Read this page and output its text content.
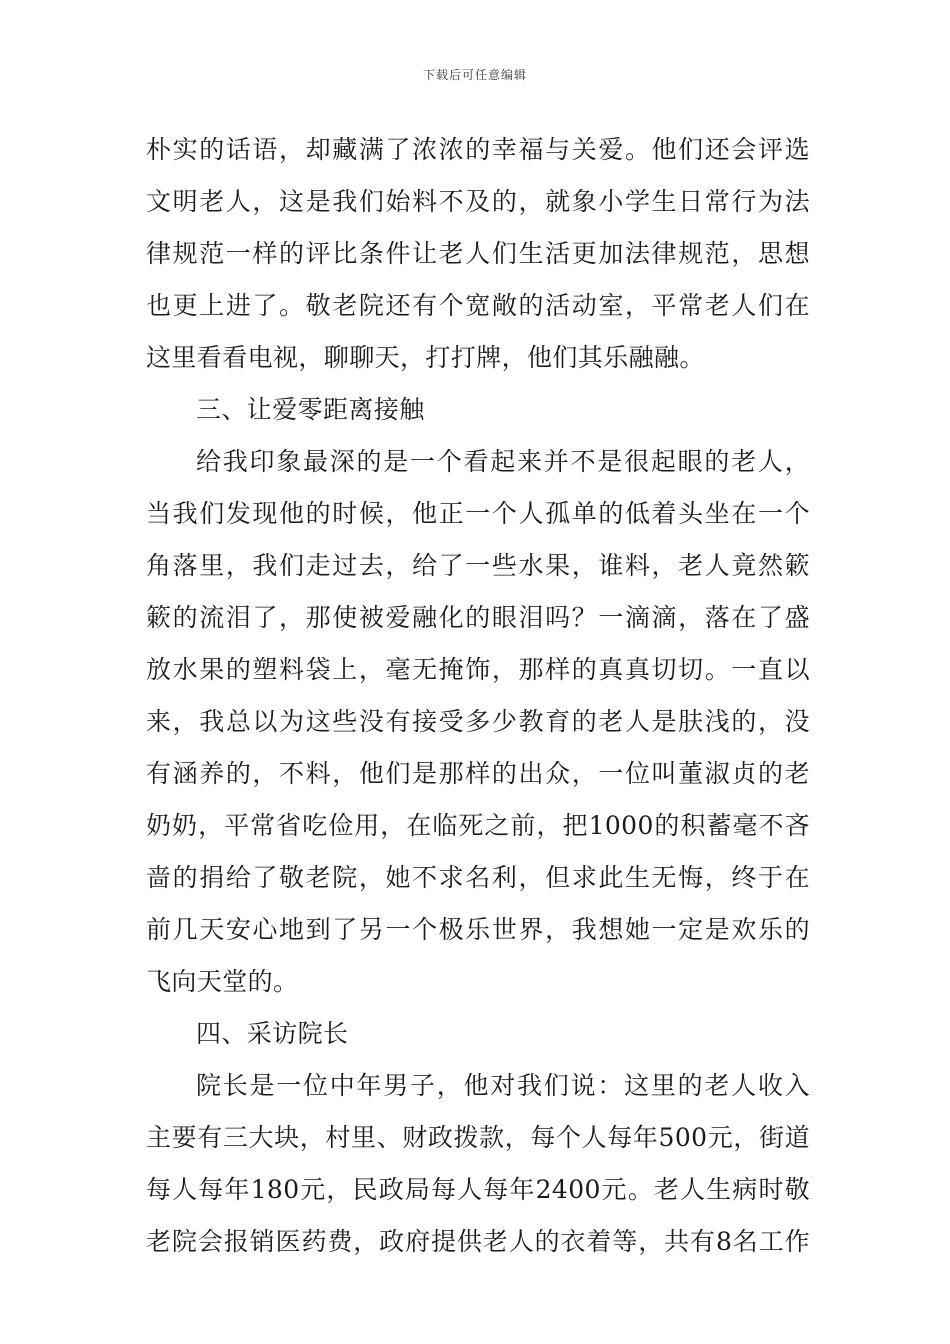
下载后可任意编辑
朴实的话语，却藏满了浓浓的幸福与关爱。他们还会评选
文明老人，这是我们始料不及的，就象小学生日常行为法
律规范一样的评比条件让老人们生活更加法律规范，思想
也更上进了。敬老院还有个宽敞的活动室，平常老人们在
这里看看电视，聊聊天，打打牌，他们其乐融融。
三、让爱零距离接触
给我印象最深的是一个看起来并不是很起眼的老人，
当我们发现他的时候，他正一个人孤单的低着头坐在一个
角落里，我们走过去，给了一些水果，谁料，老人竟然簌
簌的流泪了，那使被爱融化的眼泪吗？一滴滴，落在了盛
放水果的塑料袋上，毫无掩饰，那样的真真切切。一直以
来，我总以为这些没有接受多少教育的老人是肤浅的，没
有涵养的，不料，他们是那样的出众，一位叫董淑贞的老
奶奶，平常省吃俭用，在临死之前，把1000的积蓄毫不吝
啬的捐给了敬老院，她不求名利，但求此生无悔，终于在
前几天安心地到了另一个极乐世界，我想她一定是欢乐的
飞向天堂的。
四、采访院长
院长是一位中年男子，他对我们说：这里的老人收入
主要有三大块，村里、财政拨款，每个人每年500元，街道
每人每年180元，民政局每人每年2400元。老人生病时敬
老院会报销医药费，政府提供老人的衣着等，共有8名工作
